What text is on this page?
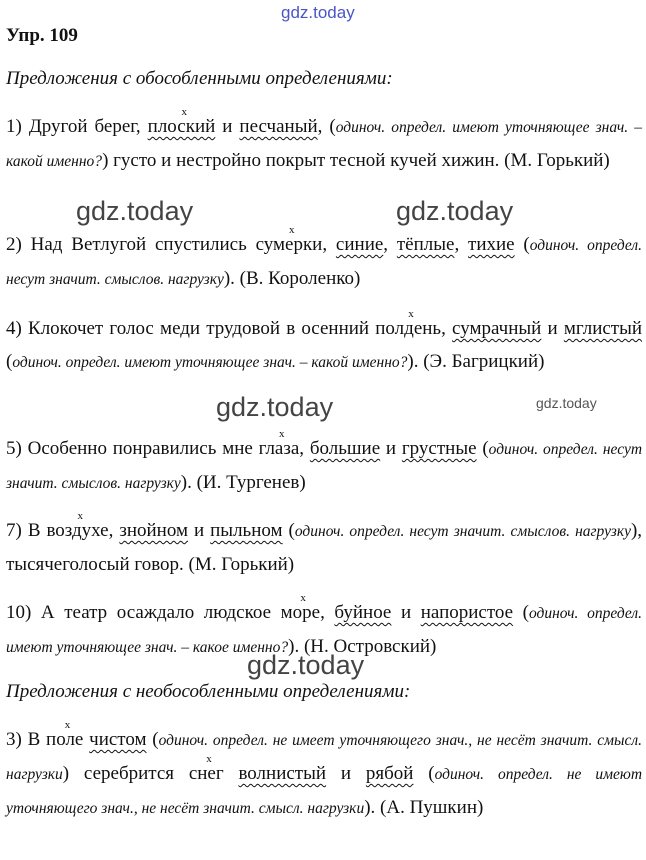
gdz.today
gdz.today	gdz.today
gdz.today	gdz.today
gdz.today
Упр. 109
Предложения с обособленными определениями:
1) Другой берег, x плоский и песчаный, (одиноч. определ. имеют уточняющее знач. – какой именно?) густо и нестройно покрыт тесной кучей хижин. (М. Горький)
2) Над Ветлугой спустились x сумерки, синие, тёплые, тихие (одиноч. определ. несут значит. смыслов. нагрузку). (В. Короленко)
4) Клокочет голос меди трудовой в осенний x полдень, сумрачный и мглистый (одиноч. определ. имеют уточняющее знач. – какой именно?). (Э. Багрицкий)
5) Особенно понравились мне x глаза, большие и грустные (одиноч. определ. несут значит. смыслов. нагрузку). (И. Тургенев)
7) В x воздухе, знойном и пыльном (одиноч. определ. несут значит. смыслов. нагрузку), тысячеголосый говор. (М. Горький)
10) А театр осаждало людское x море, буйное и напористое (одиноч. определ. имеют уточняющее знач. – какое именно?). (Н. Островский)
Предложения с необособленными определениями:
3) В x поле чистом (одиноч. определ. не имеет уточняющего знач., не несёт значит. смысл. нагрузки) серебрится x снег волнистый и рябой (одиноч. определ. не имеют уточняющего знач., не несёт значит. смысл. нагрузки). (А. Пушкин)
